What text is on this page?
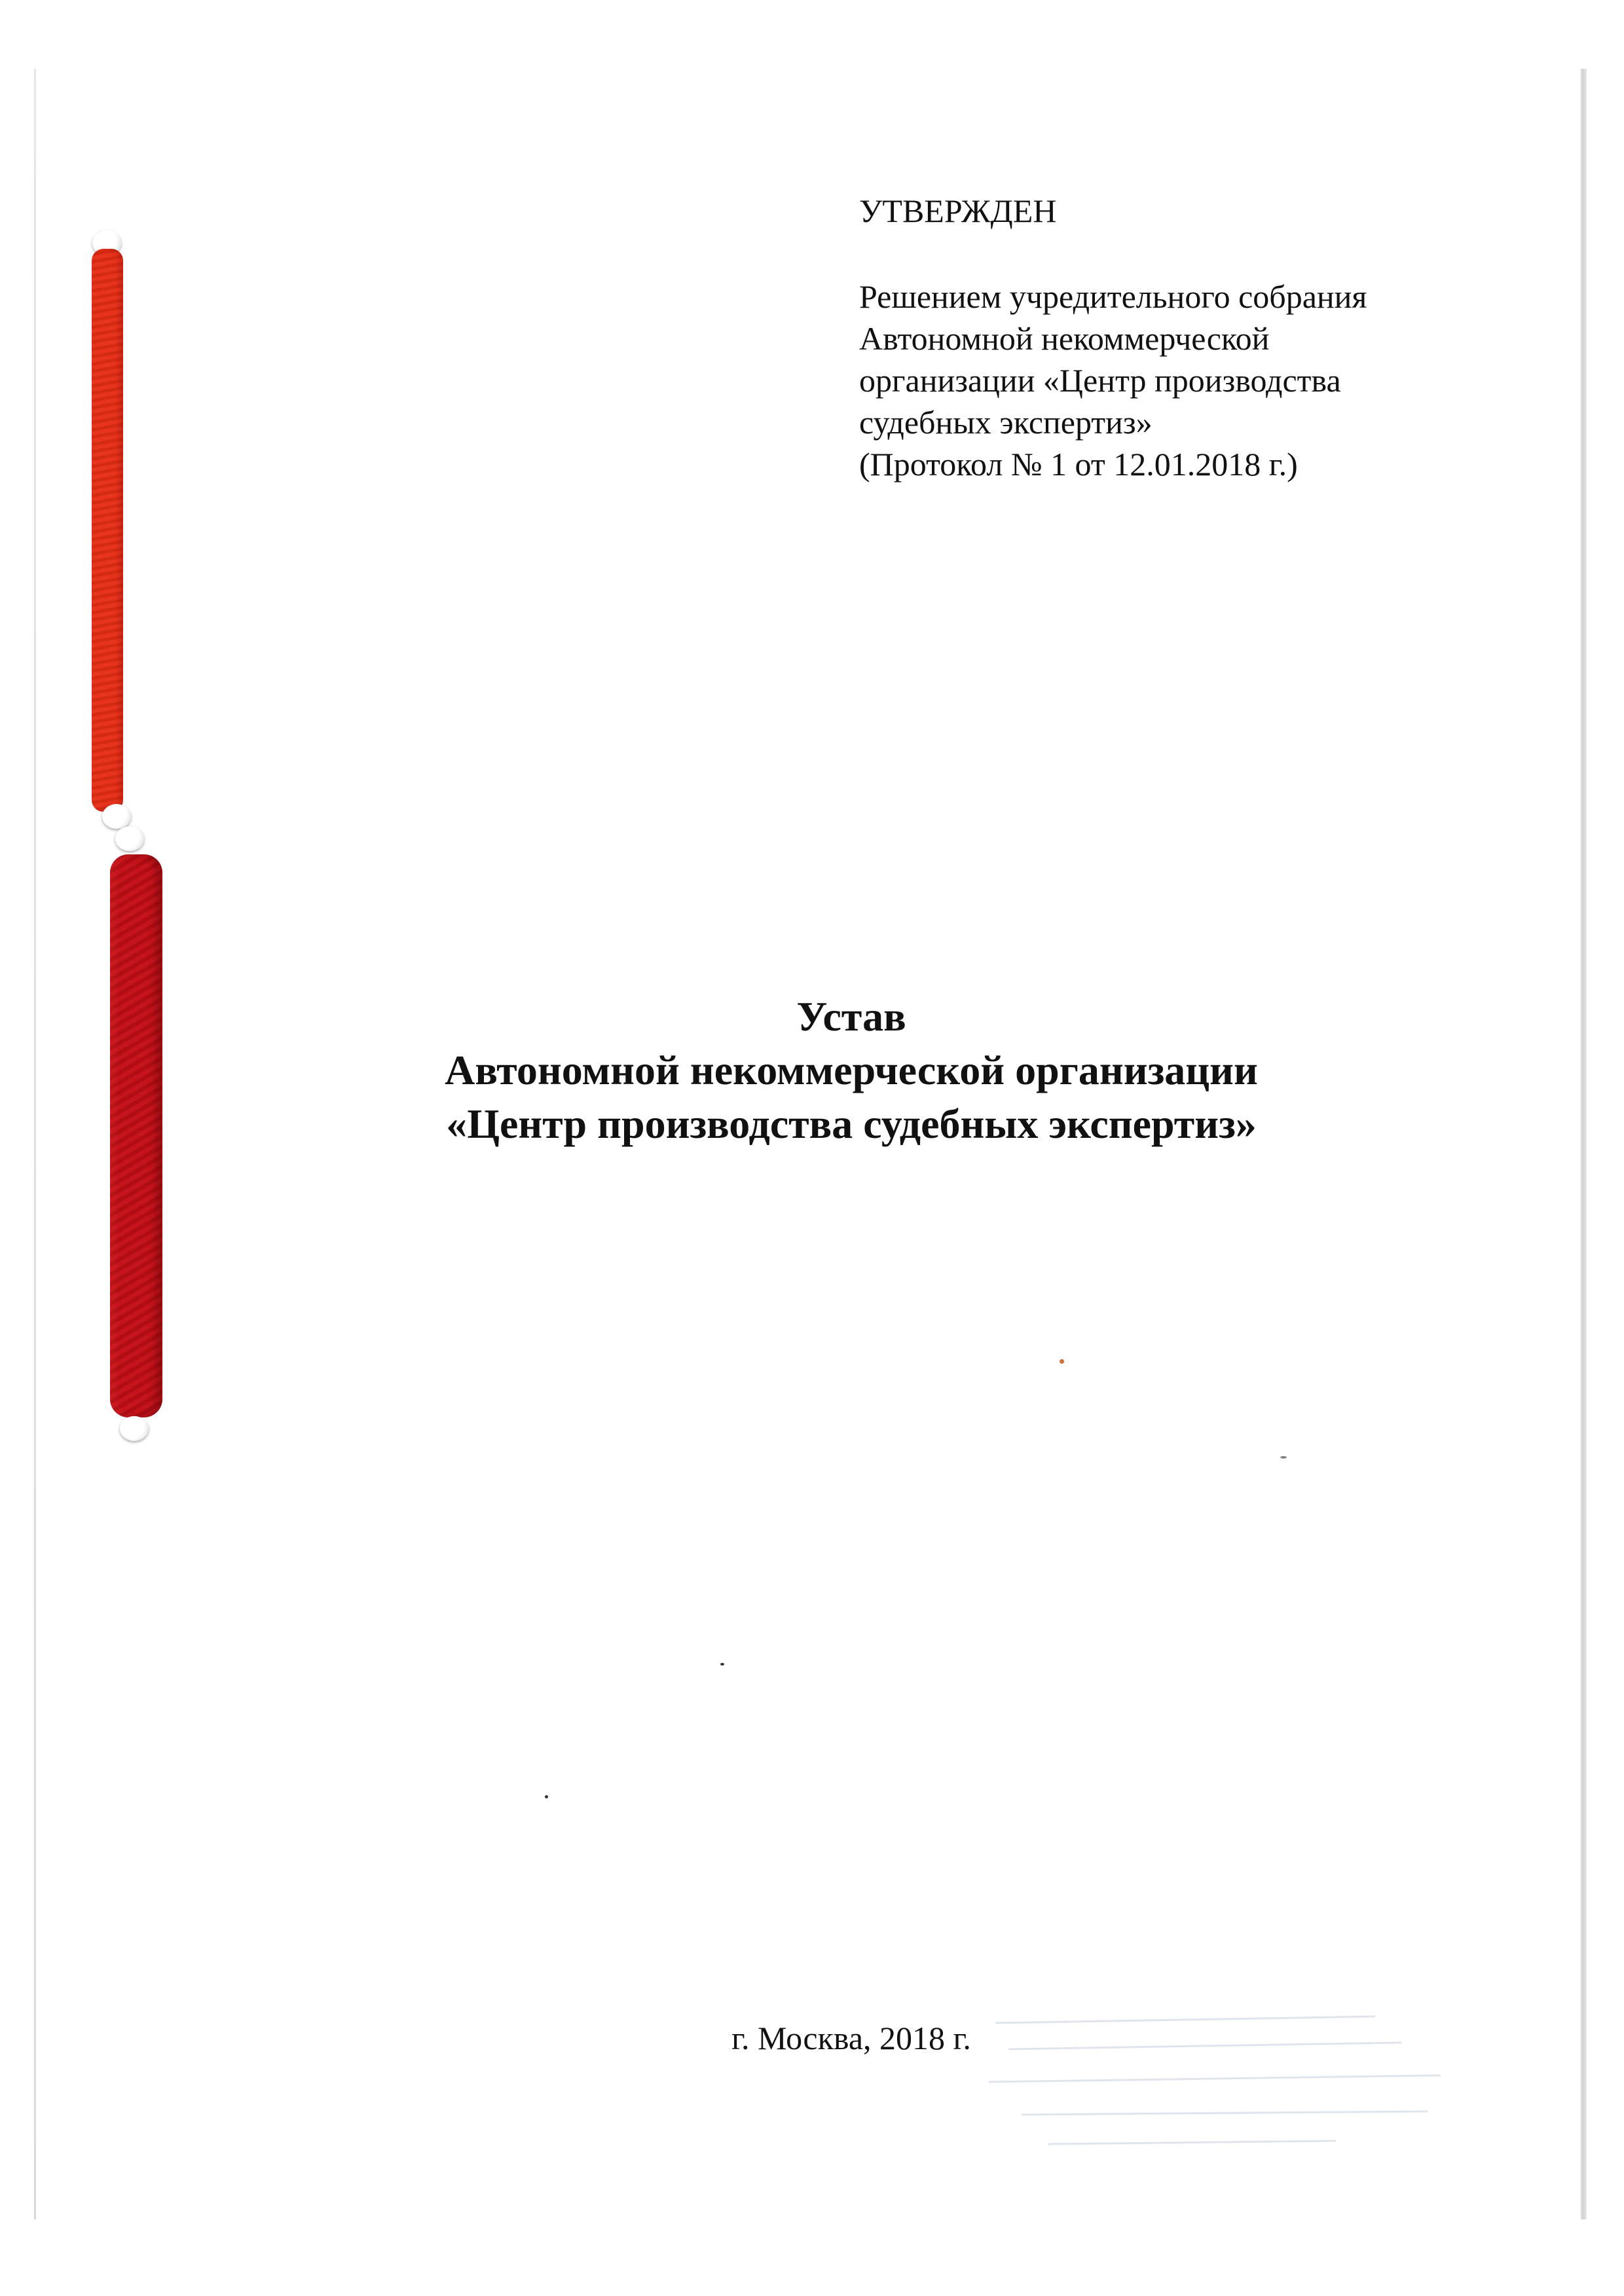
УТВЕРЖДЕН
Решением учредительного собрания
Автономной некоммерческой
организации «Центр производства
судебных экспертиз»
(Протокол № 1 от 12.01.2018 г.)
Устав
Автономной некоммерческой организации
«Центр производства судебных экспертиз»
г. Москва, 2018 г.
